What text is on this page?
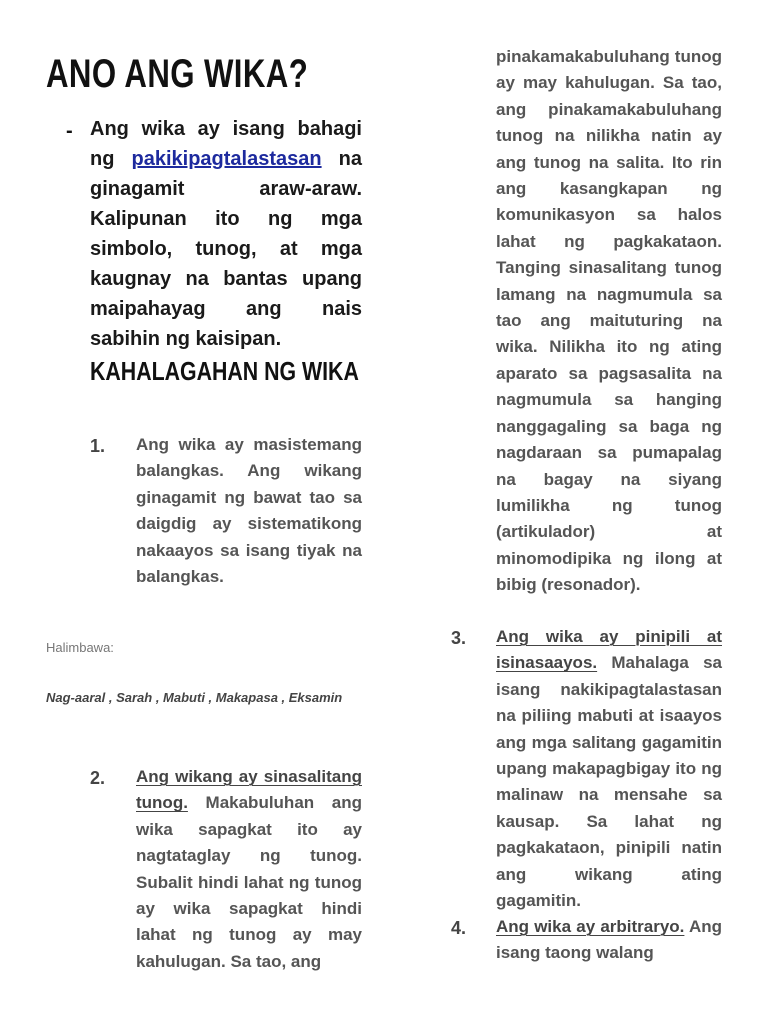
ANO ANG WIKA?
- Ang wika ay isang bahagi ng pakikipagtalastasan na ginagamit araw-araw. Kalipunan ito ng mga simbolo, tunog, at mga kaugnay na bantas upang maipahayag ang nais sabihin ng kaisipan.
KAHALAGAHAN NG WIKA
1. Ang wika ay masistemang balangkas. Ang wikang ginagamit ng bawat tao sa daigdig ay sistematikong nakaayos sa isang tiyak na balangkas.
Halimbawa:
Nag-aaral , Sarah , Mabuti , Makapasa , Eksamin
2. Ang wikang ay sinasalitang tunog. Makabuluhan ang wika sapagkat ito ay nagtataglay ng tunog. Subalit hindi lahat ng tunog ay wika sapagkat hindi lahat ng tunog ay may kahulugan. Sa tao, ang
pinakamakabuluhang tunog ay may kahulugan. Sa tao, ang pinakamakabuluhang tunog na nilikha natin ay ang tunog na salita. Ito rin ang kasangkapan ng komunikasyon sa halos lahat ng pagkakataon. Tanging sinasalitang tunog lamang na nagmumula sa tao ang maituturing na wika. Nilikha ito ng ating aparato sa pagsasalita na nagmumula sa hanging nanggagaling sa baga ng nagdaraan sa pumapalag na bagay na siyang lumilikha ng tunog (artikulador) at minomodipika ng ilong at bibig (resonador).
3. Ang wika ay pinipili at isinasaayos. Mahalaga sa isang nakikipagtalastasan na piliing mabuti at isaayos ang mga salitang gagamitin upang makapagbigay ito ng malinaw na mensahe sa kausap. Sa lahat ng pagkakataon, pinipili natin ang wikang ating gagamitin.
4. Ang wika ay arbitraryo. Ang isang taong walang
